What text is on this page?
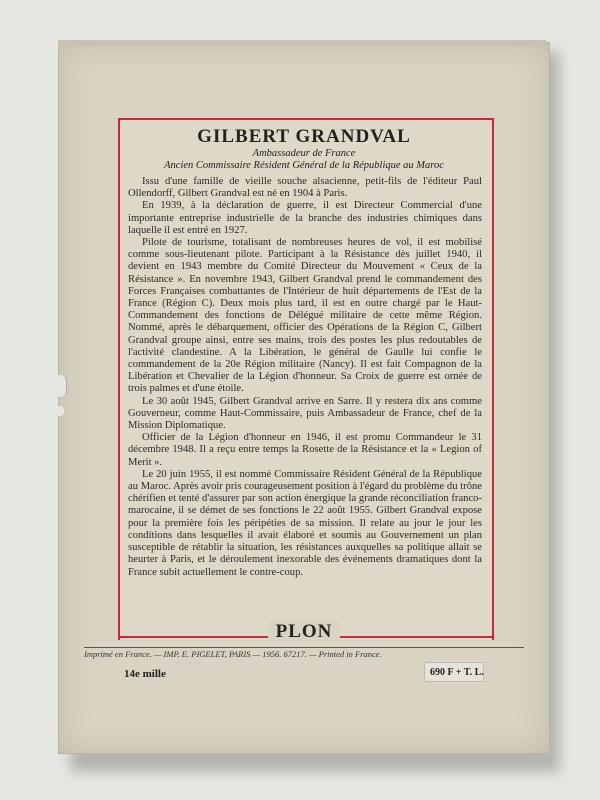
GILBERT GRANDVAL
Ambassadeur de France
Ancien Commissaire Résident Général de la République au Maroc

Issu d'une famille de vieille souche alsacienne, petit-fils de l'éditeur Paul Ollendorff, Gilbert Grandval est né en 1904 à Paris.

En 1939, à la déclaration de guerre, il est Directeur Commercial d'une importante entreprise industrielle de la branche des industries chimiques dans laquelle il est entré en 1927.

Pilote de tourisme, totalisant de nombreuses heures de vol, il est mobilisé comme sous-lieutenant pilote. Participant à la Résistance dès juillet 1940, il devient en 1943 membre du Comité Directeur du Mouvement « Ceux de la Résistance ». En novembre 1943, Gilbert Grandval prend le commandement des Forces Françaises combattantes de l'Intérieur de huit départements de l'Est de la France (Région C). Deux mois plus tard, il est en outre chargé par le Haut-Commandement des fonctions de Délégué militaire de cette même Région. Nommé, après le débarquement, officier des Opérations de la Région C, Gilbert Grandval groupe ainsi, entre ses mains, trois des postes les plus redoutables de l'activité clandestine. A la Libération, le général de Gaulle lui confie le commandement de la 20e Région militaire (Nancy). Il est fait Compagnon de la Libération et Chevalier de la Légion d'honneur. Sa Croix de guerre est ornée de trois palmes et d'une étoile.

Le 30 août 1945, Gilbert Grandval arrive en Sarre. Il y restera dix ans comme Gouverneur, comme Haut-Commissaire, puis Ambassadeur de France, chef de la Mission Diplomatique.

Officier de la Légion d'honneur en 1946, il est promu Commandeur le 31 décembre 1948. Il a reçu entre temps la Rosette de la Résistance et la « Legion of Merit ».

Le 20 juin 1955, il est nommé Commissaire Résident Général de la République au Maroc. Après avoir pris courageusement position à l'égard du problème du trône chérifien et tenté d'assurer par son action énergique la grande réconciliation franco-marocaine, il se démet de ses fonctions le 22 août 1955. Gilbert Grandval expose pour la première fois les péripéties de sa mission. Il relate au jour le jour les conditions dans lesquelles il avait élaboré et soumis au Gouvernement un plan susceptible de rétablir la situation, les résistances auxquelles sa politique allait se heurter à Paris, et le déroulement inexorable des événements dramatiques dont la France subit actuellement le contre-coup.

PLON
Imprimé en France. — IMP. E. PIGELET, PARIS — 1956. 67217. — Printed in France.
14e mille	690 F + T. L.
